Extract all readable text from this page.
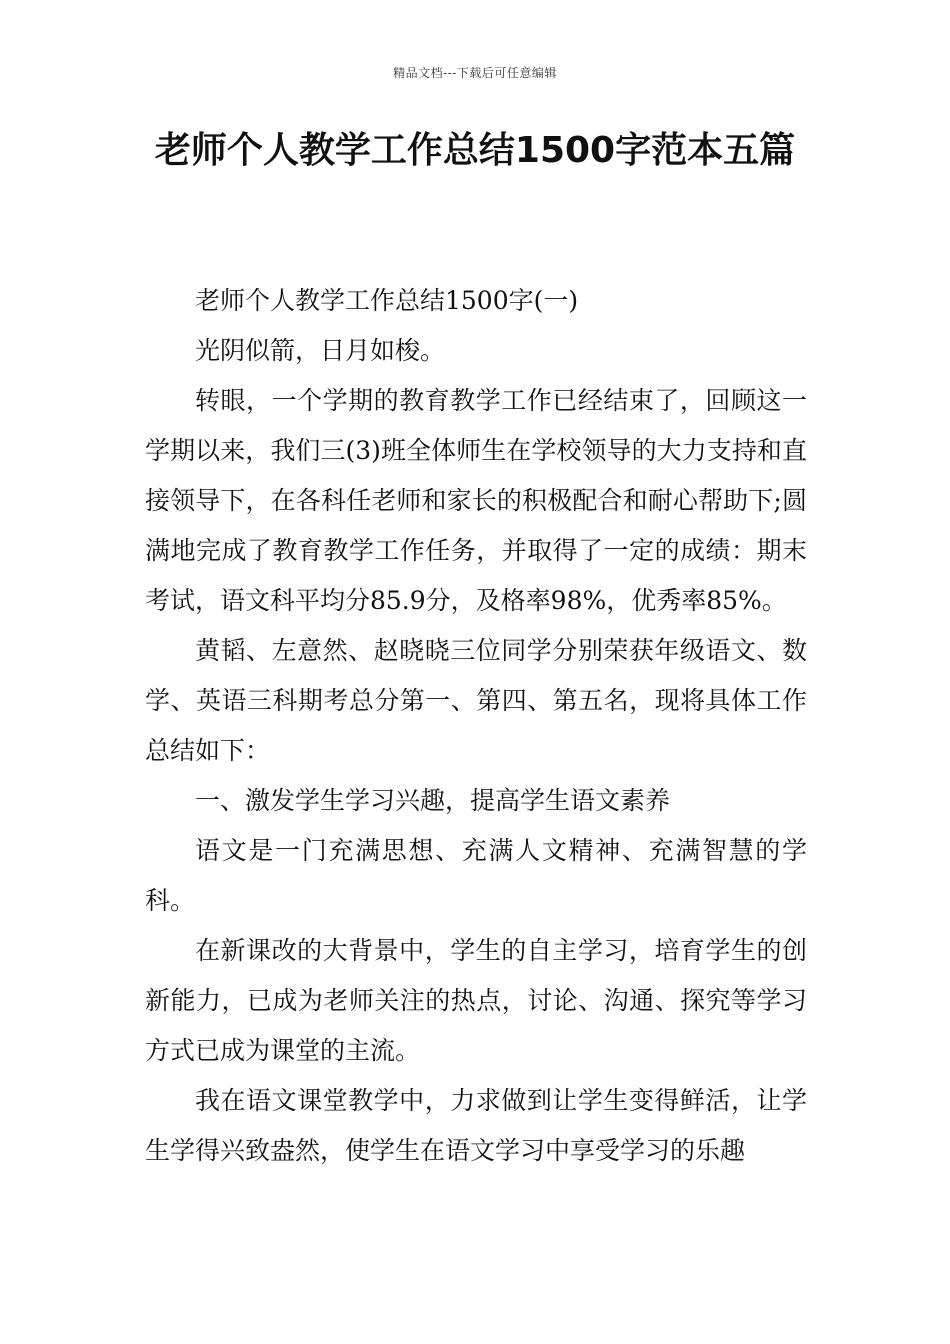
精品文档---下载后可任意编辑
老师个人教学工作总结1500字范本五篇

老师个人教学工作总结1500字(一)

光阴似箭，日月如梭。

转眼，一个学期的教育教学工作已经结束了，回顾这一学期以来，我们三(3)班全体师生在学校领导的大力支持和直接领导下，在各科任老师和家长的积极配合和耐心帮助下;圆满地完成了教育教学工作任务，并取得了一定的成绩：期末考试，语文科平均分85.9分，及格率98%，优秀率85%。

黄韬、左意然、赵晓晓三位同学分别荣获年级语文、数学、英语三科期考总分第一、第四、第五名，现将具体工作总结如下：

一、激发学生学习兴趣，提高学生语文素养

语文是一门充满思想、充满人文精神、充满智慧的学科。

在新课改的大背景中，学生的自主学习，培育学生的创新能力，已成为老师关注的热点，讨论、沟通、探究等学习方式已成为课堂的主流。

我在语文课堂教学中，力求做到让学生变得鲜活，让学生学得兴致盎然，使学生在语文学习中享受学习的乐趣
